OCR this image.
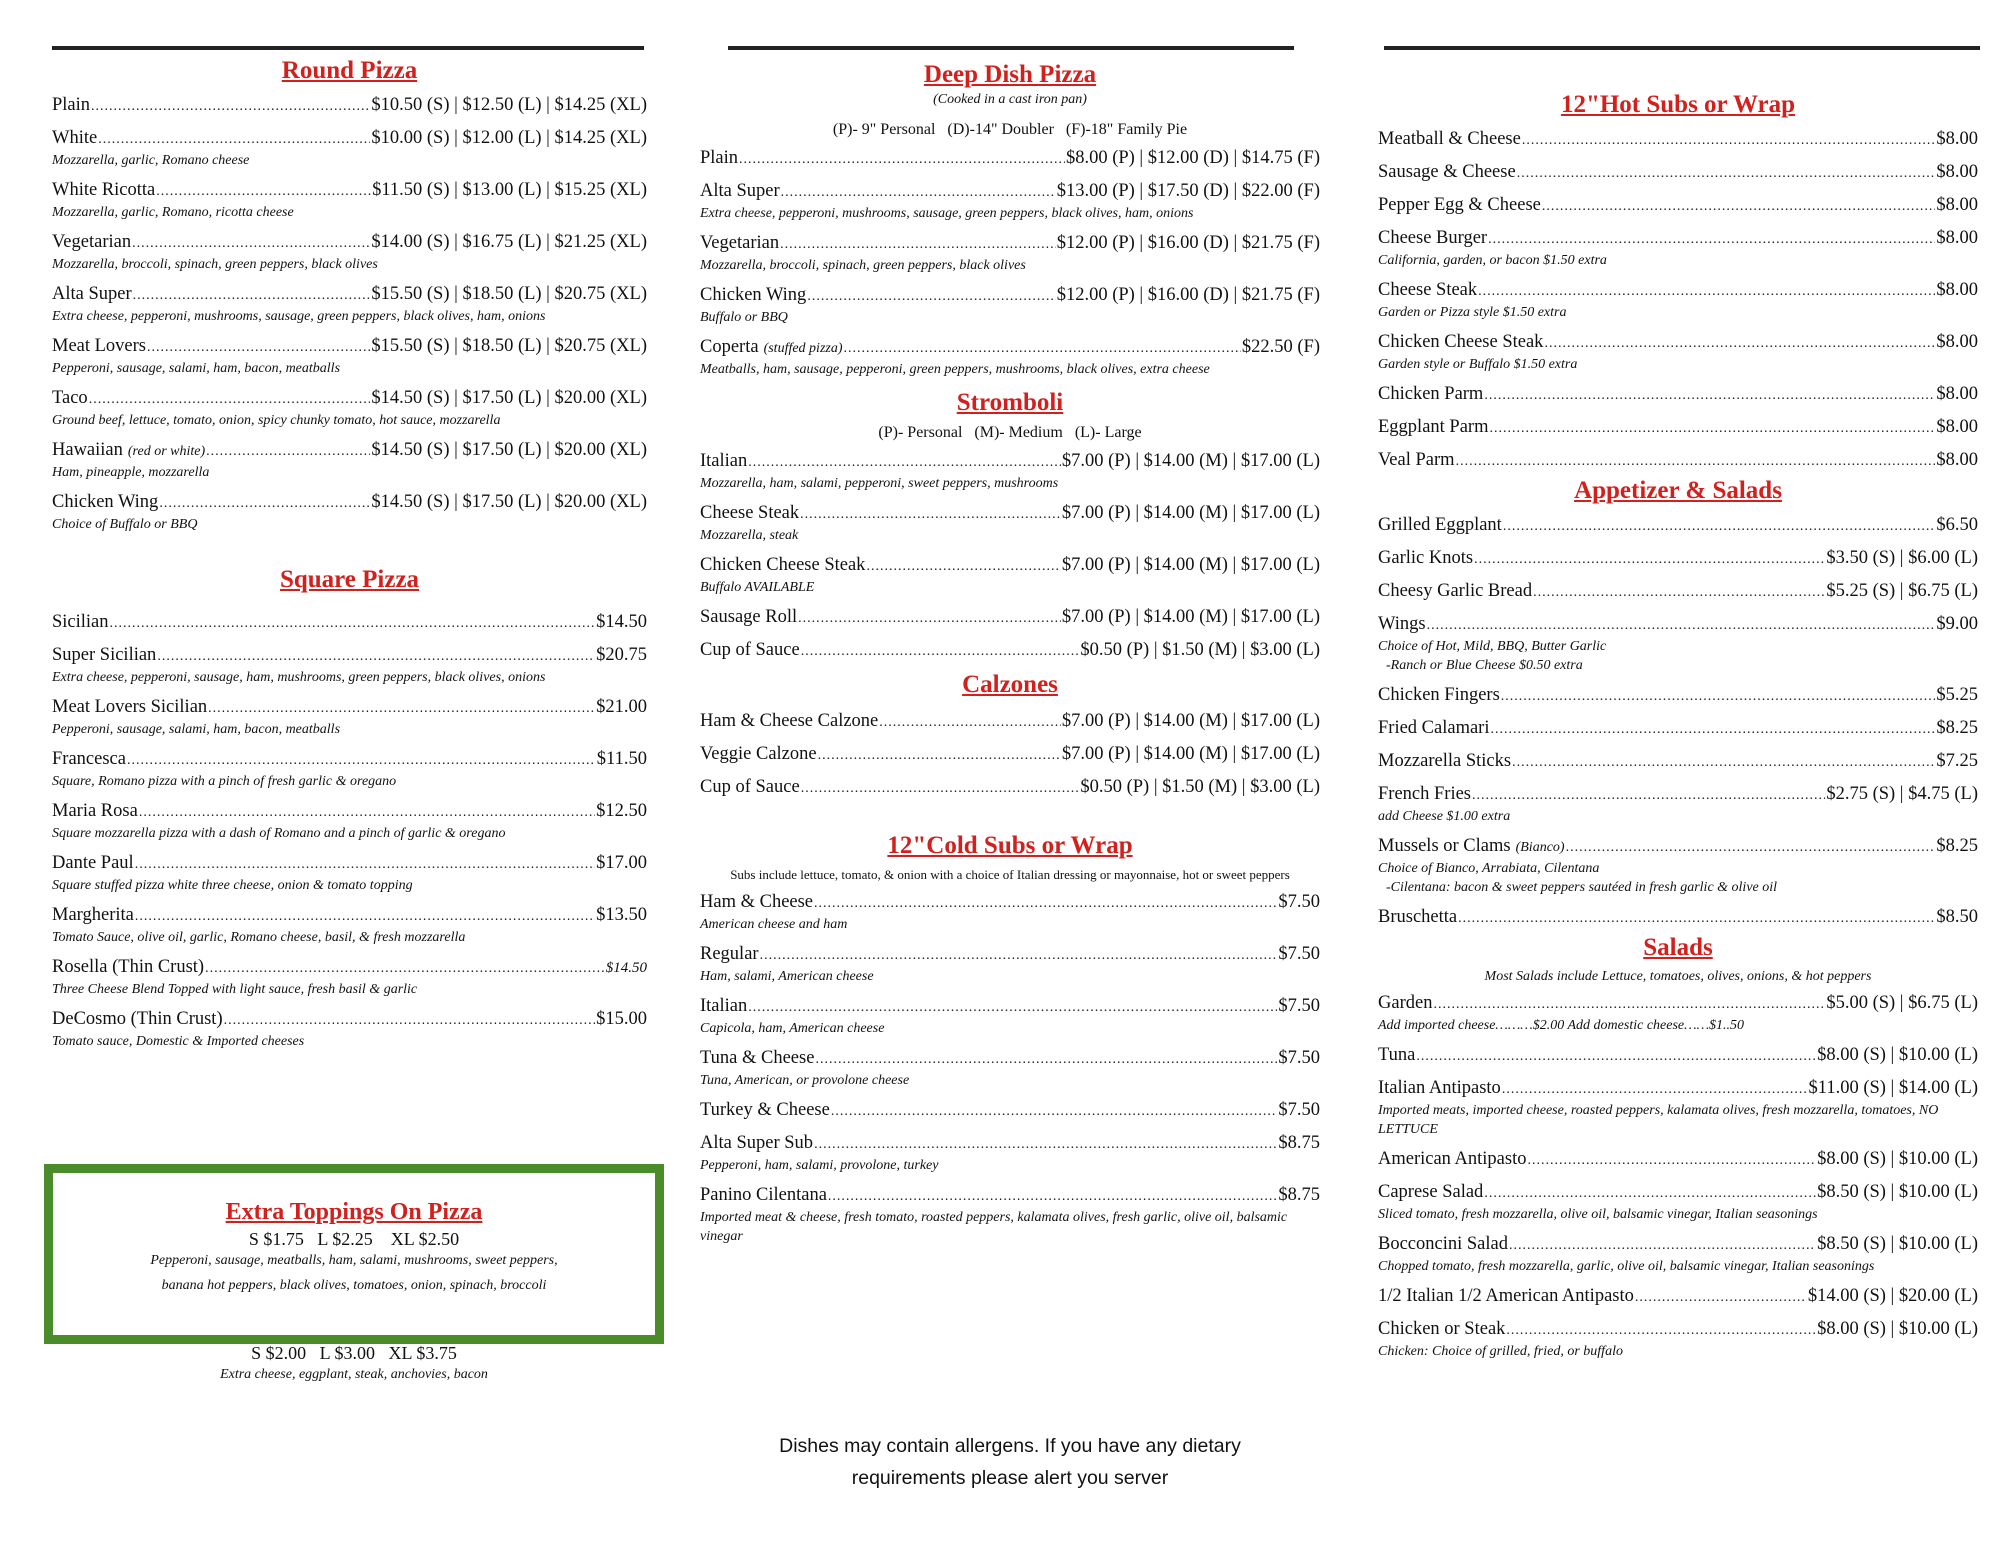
Round Pizza
Plain .....	$10.50 (S) | $12.50 (L) | $14.25 (XL)
White .....	$10.00 (S) | $12.00 (L) | $14.25 (XL)
Mozzarella, garlic, Romano cheese
White Ricotta .....	$11.50 (S) | $13.00 (L) | $15.25 (XL)
Mozzarella, garlic, Romano, ricotta cheese
Vegetarian .....	$14.00 (S) | $16.75 (L) | $21.25 (XL)
Mozzarella, broccoli, spinach, green peppers, black olives
Alta Super .....	$15.50 (S) | $18.50 (L) | $20.75 (XL)
Extra cheese, pepperoni, mushrooms, sausage, green peppers, black olives, ham, onions
Meat Lovers .....	$15.50 (S) | $18.50 (L) | $20.75 (XL)
Pepperoni, sausage, salami, ham, bacon, meatballs
Taco .....	$14.50 (S) | $17.50 (L) | $20.00 (XL)
Ground beef, lettuce, tomato, onion, spicy chunky tomato, hot sauce, mozzarella
Hawaiian (red or white) .....	$14.50 (S) | $17.50 (L) | $20.00 (XL)
Ham, pineapple, mozzarella
Chicken Wing .....	$14.50 (S) | $17.50 (L) | $20.00 (XL)
Choice of Buffalo or BBQ
Square Pizza
Sicilian .....	$14.50
Super Sicilian .....	$20.75
Extra cheese, pepperoni, sausage, ham, mushrooms, green peppers, black olives, onions
Meat Lovers Sicilian .....	$21.00
Pepperoni, sausage, salami, ham, bacon, meatballs
Francesca .....	$11.50
Square, Romano pizza with a pinch of fresh garlic & oregano
Maria Rosa .....	$12.50
Square mozzarella pizza with a dash of Romano and a pinch of garlic & oregano
Dante Paul .....	$17.00
Square stuffed pizza white three cheese, onion & tomato topping
Margherita .....	$13.50
Tomato Sauce, olive oil, garlic, Romano cheese, basil, & fresh mozzarella
Rosella (Thin Crust) .....	$14.50
Three Cheese Blend Topped with light sauce, fresh basil & garlic
DeCosmo (Thin Crust) .....	$15.00
Tomato sauce, Domestic & Imported cheeses
Extra Toppings On Pizza
S $1.75   L $2.25    XL $2.50
Pepperoni, sausage, meatballs, ham, salami, mushrooms, sweet peppers,
banana hot peppers, black olives, tomatoes, onion, spinach, broccoli
S $2.00   L $3.00   XL $3.75
Extra cheese, eggplant, steak, anchovies, bacon
Deep Dish Pizza
(Cooked in a cast iron pan)
(P)- 9" Personal   (D)-14" Doubler   (F)-18" Family Pie
Plain .....	$8.00 (P) | $12.00 (D) | $14.75 (F)
Alta Super .....	$13.00 (P) | $17.50 (D) | $22.00 (F)
Extra cheese, pepperoni, mushrooms, sausage, green peppers, black olives, ham, onions
Vegetarian .....	$12.00 (P) | $16.00 (D) | $21.75 (F)
Mozzarella, broccoli, spinach, green peppers, black olives
Chicken Wing .....	$12.00 (P) | $16.00 (D) | $21.75 (F)
Buffalo or BBQ
Coperta (stuffed pizza) .....	$22.50 (F)
Meatballs, ham, sausage, pepperoni, green peppers, mushrooms, black olives, extra cheese
Stromboli
(P)- Personal   (M)- Medium   (L)- Large
Italian .....	$7.00 (P) | $14.00 (M) | $17.00 (L)
Mozzarella, ham, salami, pepperoni, sweet peppers, mushrooms
Cheese Steak .....	$7.00 (P) | $14.00 (M) | $17.00 (L)
Mozzarella, steak
Chicken Cheese Steak .....	$7.00 (P) | $14.00 (M) | $17.00 (L)
Buffalo AVAILABLE
Sausage Roll .....	$7.00 (P) | $14.00 (M) | $17.00 (L)
Cup of Sauce .....	$0.50 (P) | $1.50 (M) | $3.00 (L)
Calzones
Ham & Cheese Calzone .....	$7.00 (P) | $14.00 (M) | $17.00 (L)
Veggie Calzone .....	$7.00 (P) | $14.00 (M) | $17.00 (L)
Cup of Sauce .....	$0.50 (P) | $1.50 (M) | $3.00 (L)
12"Cold Subs or Wrap
Subs include lettuce, tomato, & onion with a choice of Italian dressing or mayonnaise, hot or sweet peppers
Ham & Cheese .....	$7.50
American cheese and ham
Regular .....	$7.50
Ham, salami, American cheese
Italian .....	$7.50
Capicola, ham, American cheese
Tuna & Cheese .....	$7.50
Tuna, American, or provolone cheese
Turkey & Cheese .....	$7.50
Alta Super Sub .....	$8.75
Pepperoni, ham, salami, provolone, turkey
Panino Cilentana .....	$8.75
Imported meat & cheese, fresh tomato, roasted peppers, kalamata olives, fresh garlic, olive oil, balsamic vinegar
Dishes may contain allergens. If you have any dietary
requirements please alert you server
12"Hot Subs or Wrap
Meatball & Cheese .....	$8.00
Sausage & Cheese .....	$8.00
Pepper Egg & Cheese .....	$8.00
Cheese Burger .....	$8.00
California, garden, or bacon $1.50 extra
Cheese Steak .....	$8.00
Garden or Pizza style $1.50 extra
Chicken Cheese Steak .....	$8.00
Garden style or Buffalo $1.50 extra
Chicken Parm .....	$8.00
Eggplant Parm .....	$8.00
Veal Parm .....	$8.00
Appetizer & Salads
Grilled Eggplant .....	$6.50
Garlic Knots .....	$3.50 (S) | $6.00 (L)
Cheesy Garlic Bread .....	$5.25 (S) | $6.75 (L)
Wings .....	$9.00
Choice of Hot, Mild, BBQ, Butter Garlic
-Ranch or Blue Cheese $0.50 extra
Chicken Fingers .....	$5.25
Fried Calamari .....	$8.25
Mozzarella Sticks .....	$7.25
French Fries .....	$2.75 (S) | $4.75 (L)
add Cheese $1.00 extra
Mussels or Clams (Bianco) .....	$8.25
Choice of Bianco, Arrabiata, Cilentana
-Cilentana: bacon & sweet peppers sautéed in fresh garlic & olive oil
Bruschetta .....	$8.50
Salads
Most Salads include Lettuce, tomatoes, olives, onions, & hot peppers
Garden .....	$5.00 (S) | $6.75 (L)
Add imported cheese………$2.00 Add domestic cheese……$1..50
Tuna .....	$8.00 (S) | $10.00 (L)
Italian Antipasto .....	$11.00 (S) | $14.00 (L)
Imported meats, imported cheese, roasted peppers, kalamata olives, fresh mozzarella, tomatoes, NO LETTUCE
American Antipasto .....	$8.00 (S) | $10.00 (L)
Caprese Salad .....	$8.50 (S) | $10.00 (L)
Sliced tomato, fresh mozzarella, olive oil, balsamic vinegar, Italian seasonings
Bocconcini Salad .....	$8.50 (S) | $10.00 (L)
Chopped tomato, fresh mozzarella, garlic, olive oil, balsamic vinegar, Italian seasonings
1/2 Italian 1/2 American Antipasto .....	$14.00 (S) | $20.00 (L)
Chicken or Steak .....	$8.00 (S) | $10.00 (L)
Chicken: Choice of grilled, fried, or buffalo
